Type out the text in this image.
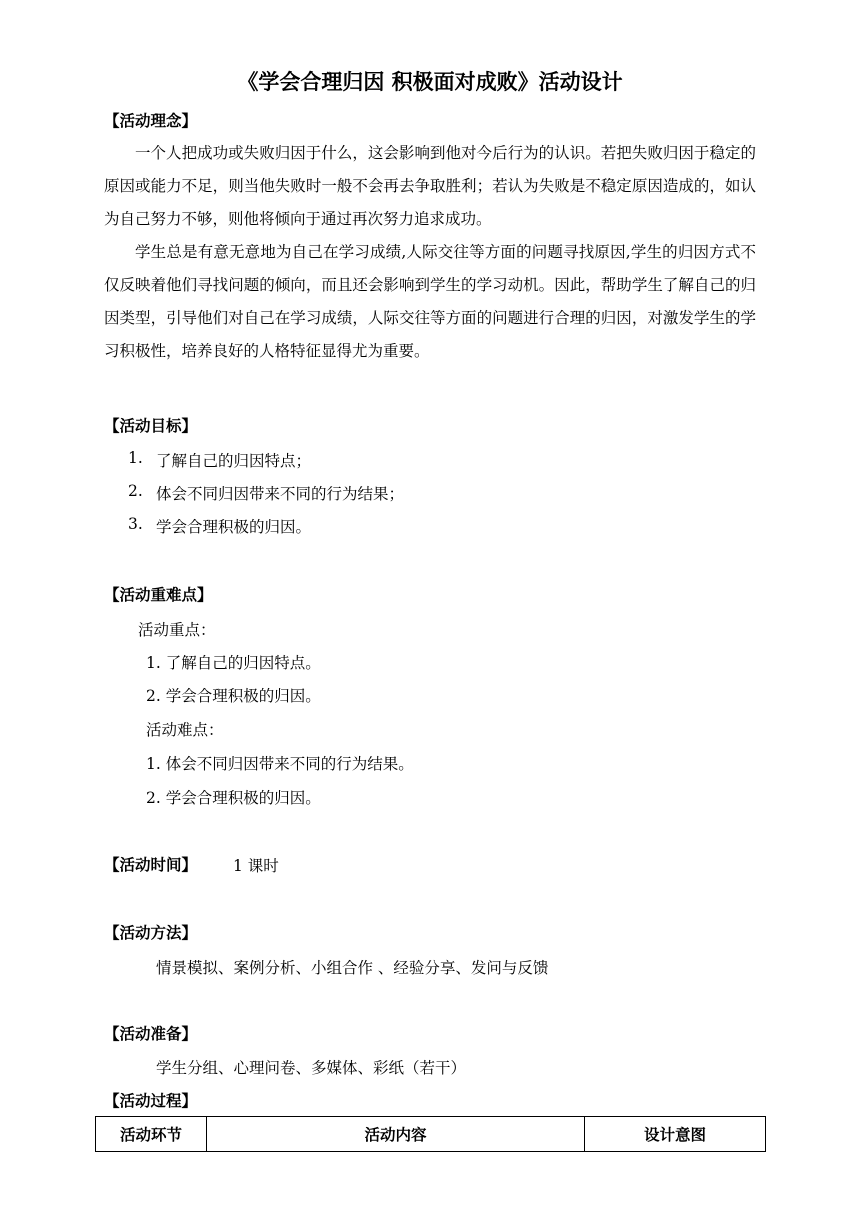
《学会合理归因 积极面对成败》活动设计
【活动理念】
一个人把成功或失败归因于什么，这会影响到他对今后行为的认识。若把失败归因于稳定的原因或能力不足，则当他失败时一般不会再去争取胜利；若认为失败是不稳定原因造成的，如认为自己努力不够，则他将倾向于通过再次努力追求成功。
学生总是有意无意地为自己在学习成绩,人际交往等方面的问题寻找原因,学生的归因方式不仅反映着他们寻找问题的倾向，而且还会影响到学生的学习动机。因此，帮助学生了解自己的归因类型，引导他们对自己在学习成绩，人际交往等方面的问题进行合理的归因，对激发学生的学习积极性，培养良好的人格特征显得尤为重要。
【活动目标】
1. 了解自己的归因特点；
2. 体会不同归因带来不同的行为结果；
3. 学会合理积极的归因。
【活动重难点】
活动重点：
1. 了解自己的归因特点。
2. 学会合理积极的归因。
活动难点：
1. 体会不同归因带来不同的行为结果。
2. 学会合理积极的归因。
【活动时间】 1 课时
【活动方法】
情景模拟、案例分析、小组合作 、经验分享、发问与反馈
【活动准备】
学生分组、心理问卷、多媒体、彩纸（若干）
【活动过程】
活动环节	活动内容	设计意图
